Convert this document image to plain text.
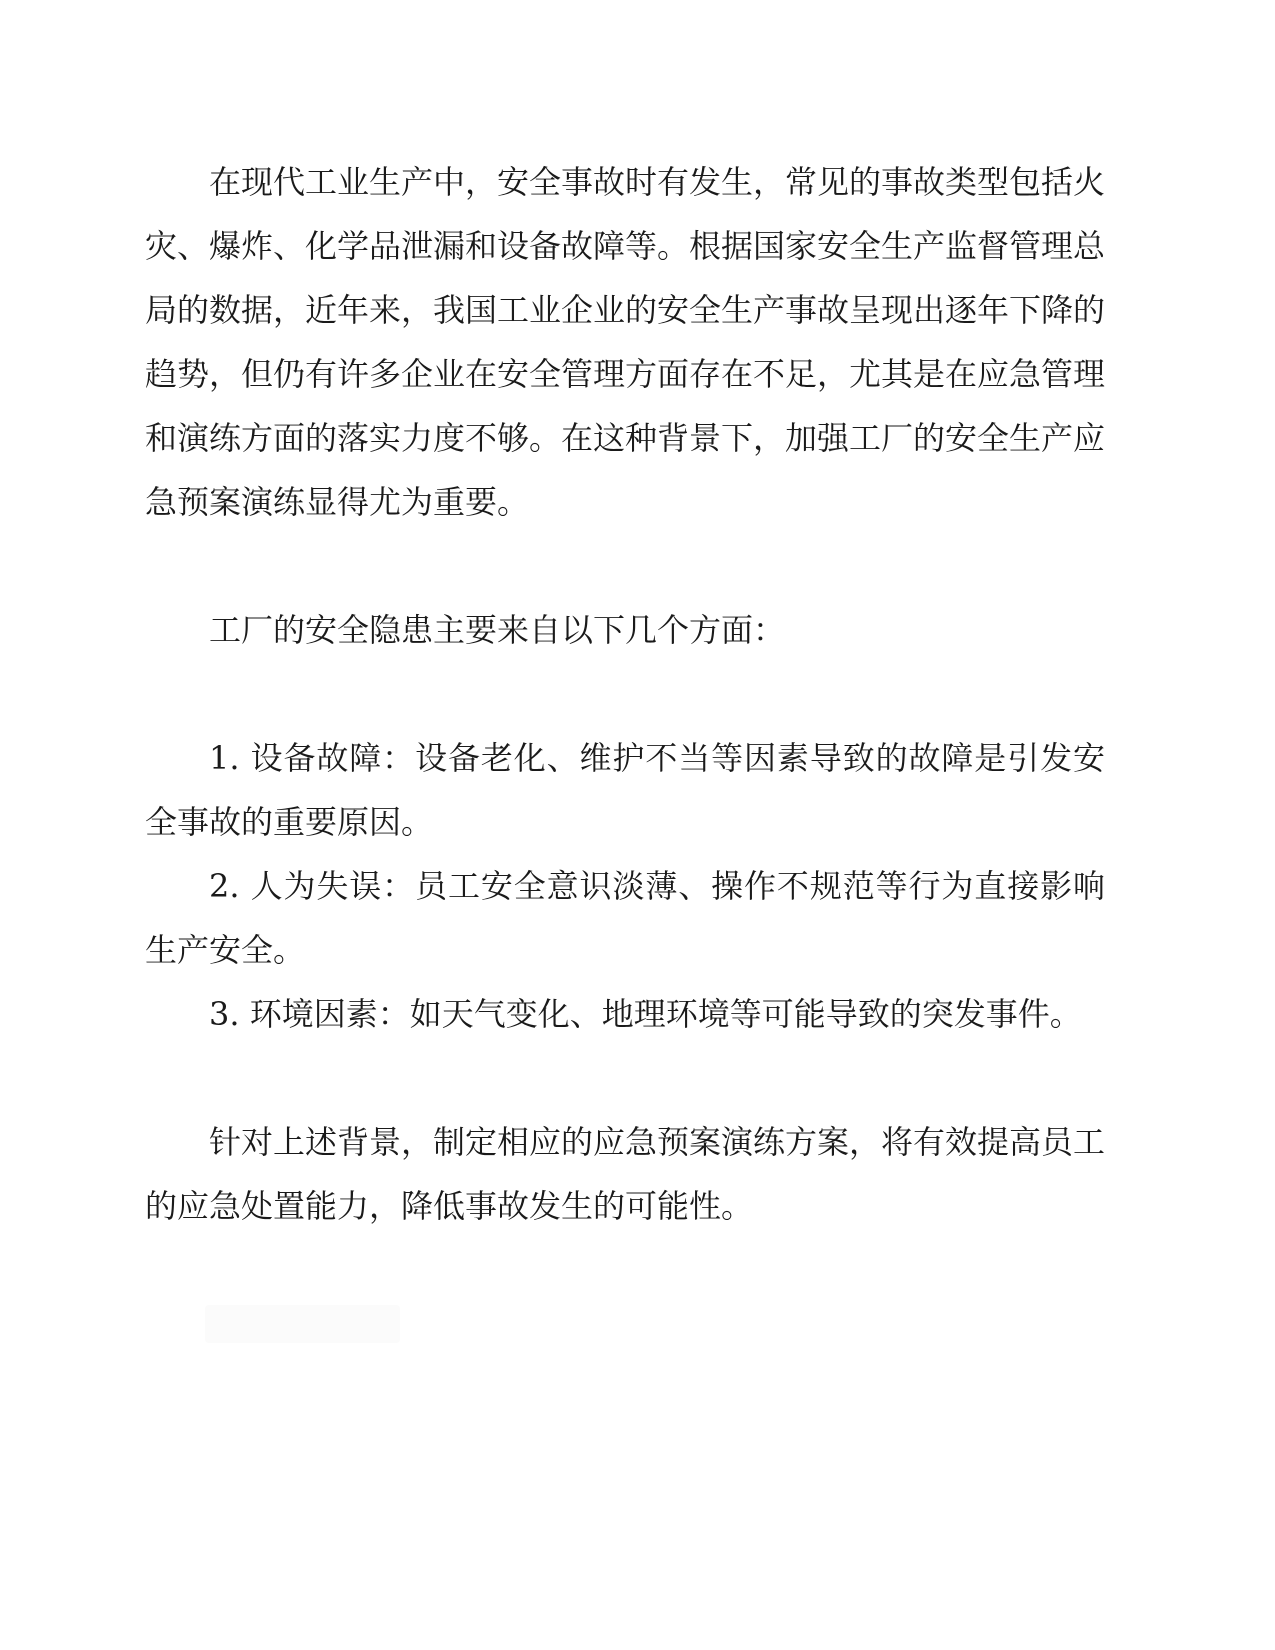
在现代工业生产中，安全事故时有发生，常见的事故类型包括火灾、爆炸、化学品泄漏和设备故障等。根据国家安全生产监督管理总局的数据，近年来，我国工业企业的安全生产事故呈现出逐年下降的趋势，但仍有许多企业在安全管理方面存在不足，尤其是在应急管理和演练方面的落实力度不够。在这种背景下，加强工厂的安全生产应急预案演练显得尤为重要。

工厂的安全隐患主要来自以下几个方面：

1. 设备故障：设备老化、维护不当等因素导致的故障是引发安全事故的重要原因。

2. 人为失误：员工安全意识淡薄、操作不规范等行为直接影响生产安全。

3. 环境因素：如天气变化、地理环境等可能导致的突发事件。

针对上述背景，制定相应的应急预案演练方案，将有效提高员工的应急处置能力，降低事故发生的可能性。
